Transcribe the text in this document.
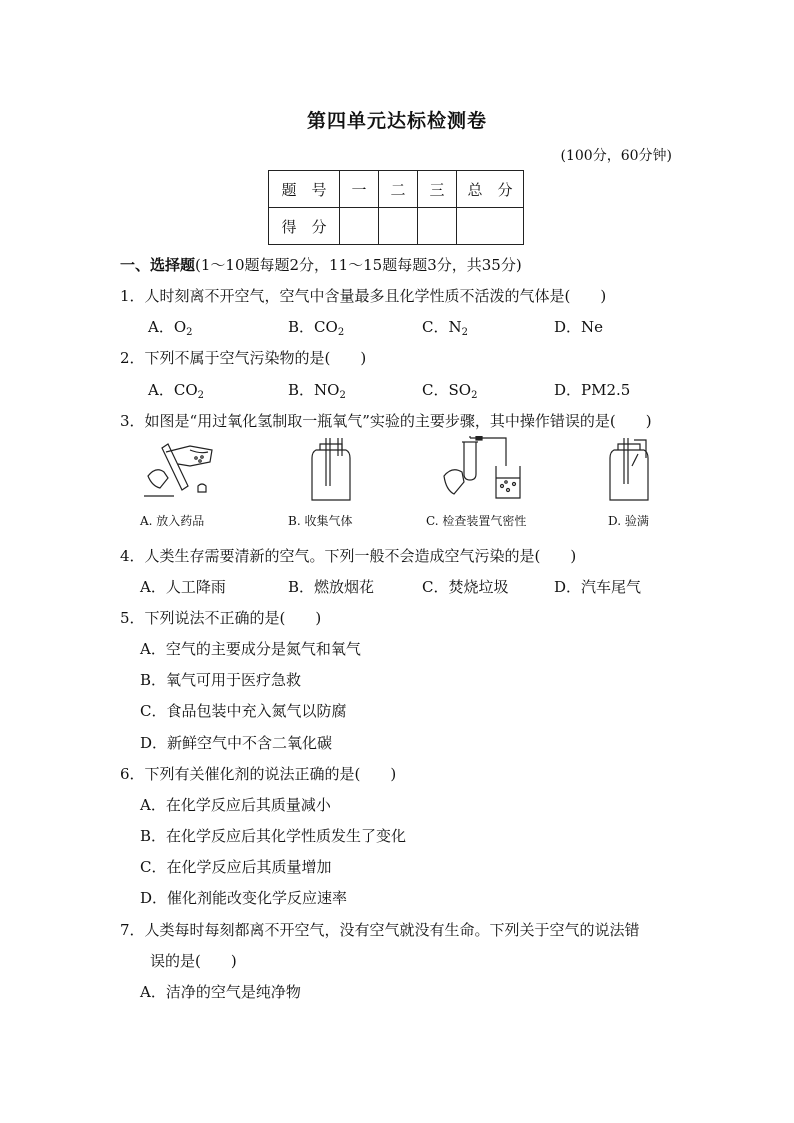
第四单元达标检测卷
(100分，60分钟)
题　号	一	二	三	总　分
得　分				
一、选择题(1～10题每题2分，11～15题每题3分，共35分)
1．人时刻离不开空气，空气中含量最多且化学性质不活泼的气体是(　　)
A．$O_2$	B．$CO_2$	C．$N_2$	D．Ne
2．下列不属于空气污染物的是(　　)
A．$CO_2$	B．$NO_2$	C．$SO_2$	D．PM2.5
3．如图是“用过氧化氢制取一瓶氧气”实验的主要步骤，其中操作错误的是(　　)
A. 放入药品	B. 收集气体	C. 检查装置气密性	D. 验满
4．人类生存需要清新的空气。下列一般不会造成空气污染的是(　　)
A．人工降雨	B．燃放烟花	C．焚烧垃圾	D．汽车尾气
5．下列说法不正确的是(　　)
A．空气的主要成分是氮气和氧气
B．氧气可用于医疗急救
C．食品包装中充入氮气以防腐
D．新鲜空气中不含二氧化碳
6．下列有关催化剂的说法正确的是(　　)
A．在化学反应后其质量减小
B．在化学反应后其化学性质发生了变化
C．在化学反应后其质量增加
D．催化剂能改变化学反应速率
7．人类每时每刻都离不开空气，没有空气就没有生命。下列关于空气的说法错
误的是(　　)
A．洁净的空气是纯净物
